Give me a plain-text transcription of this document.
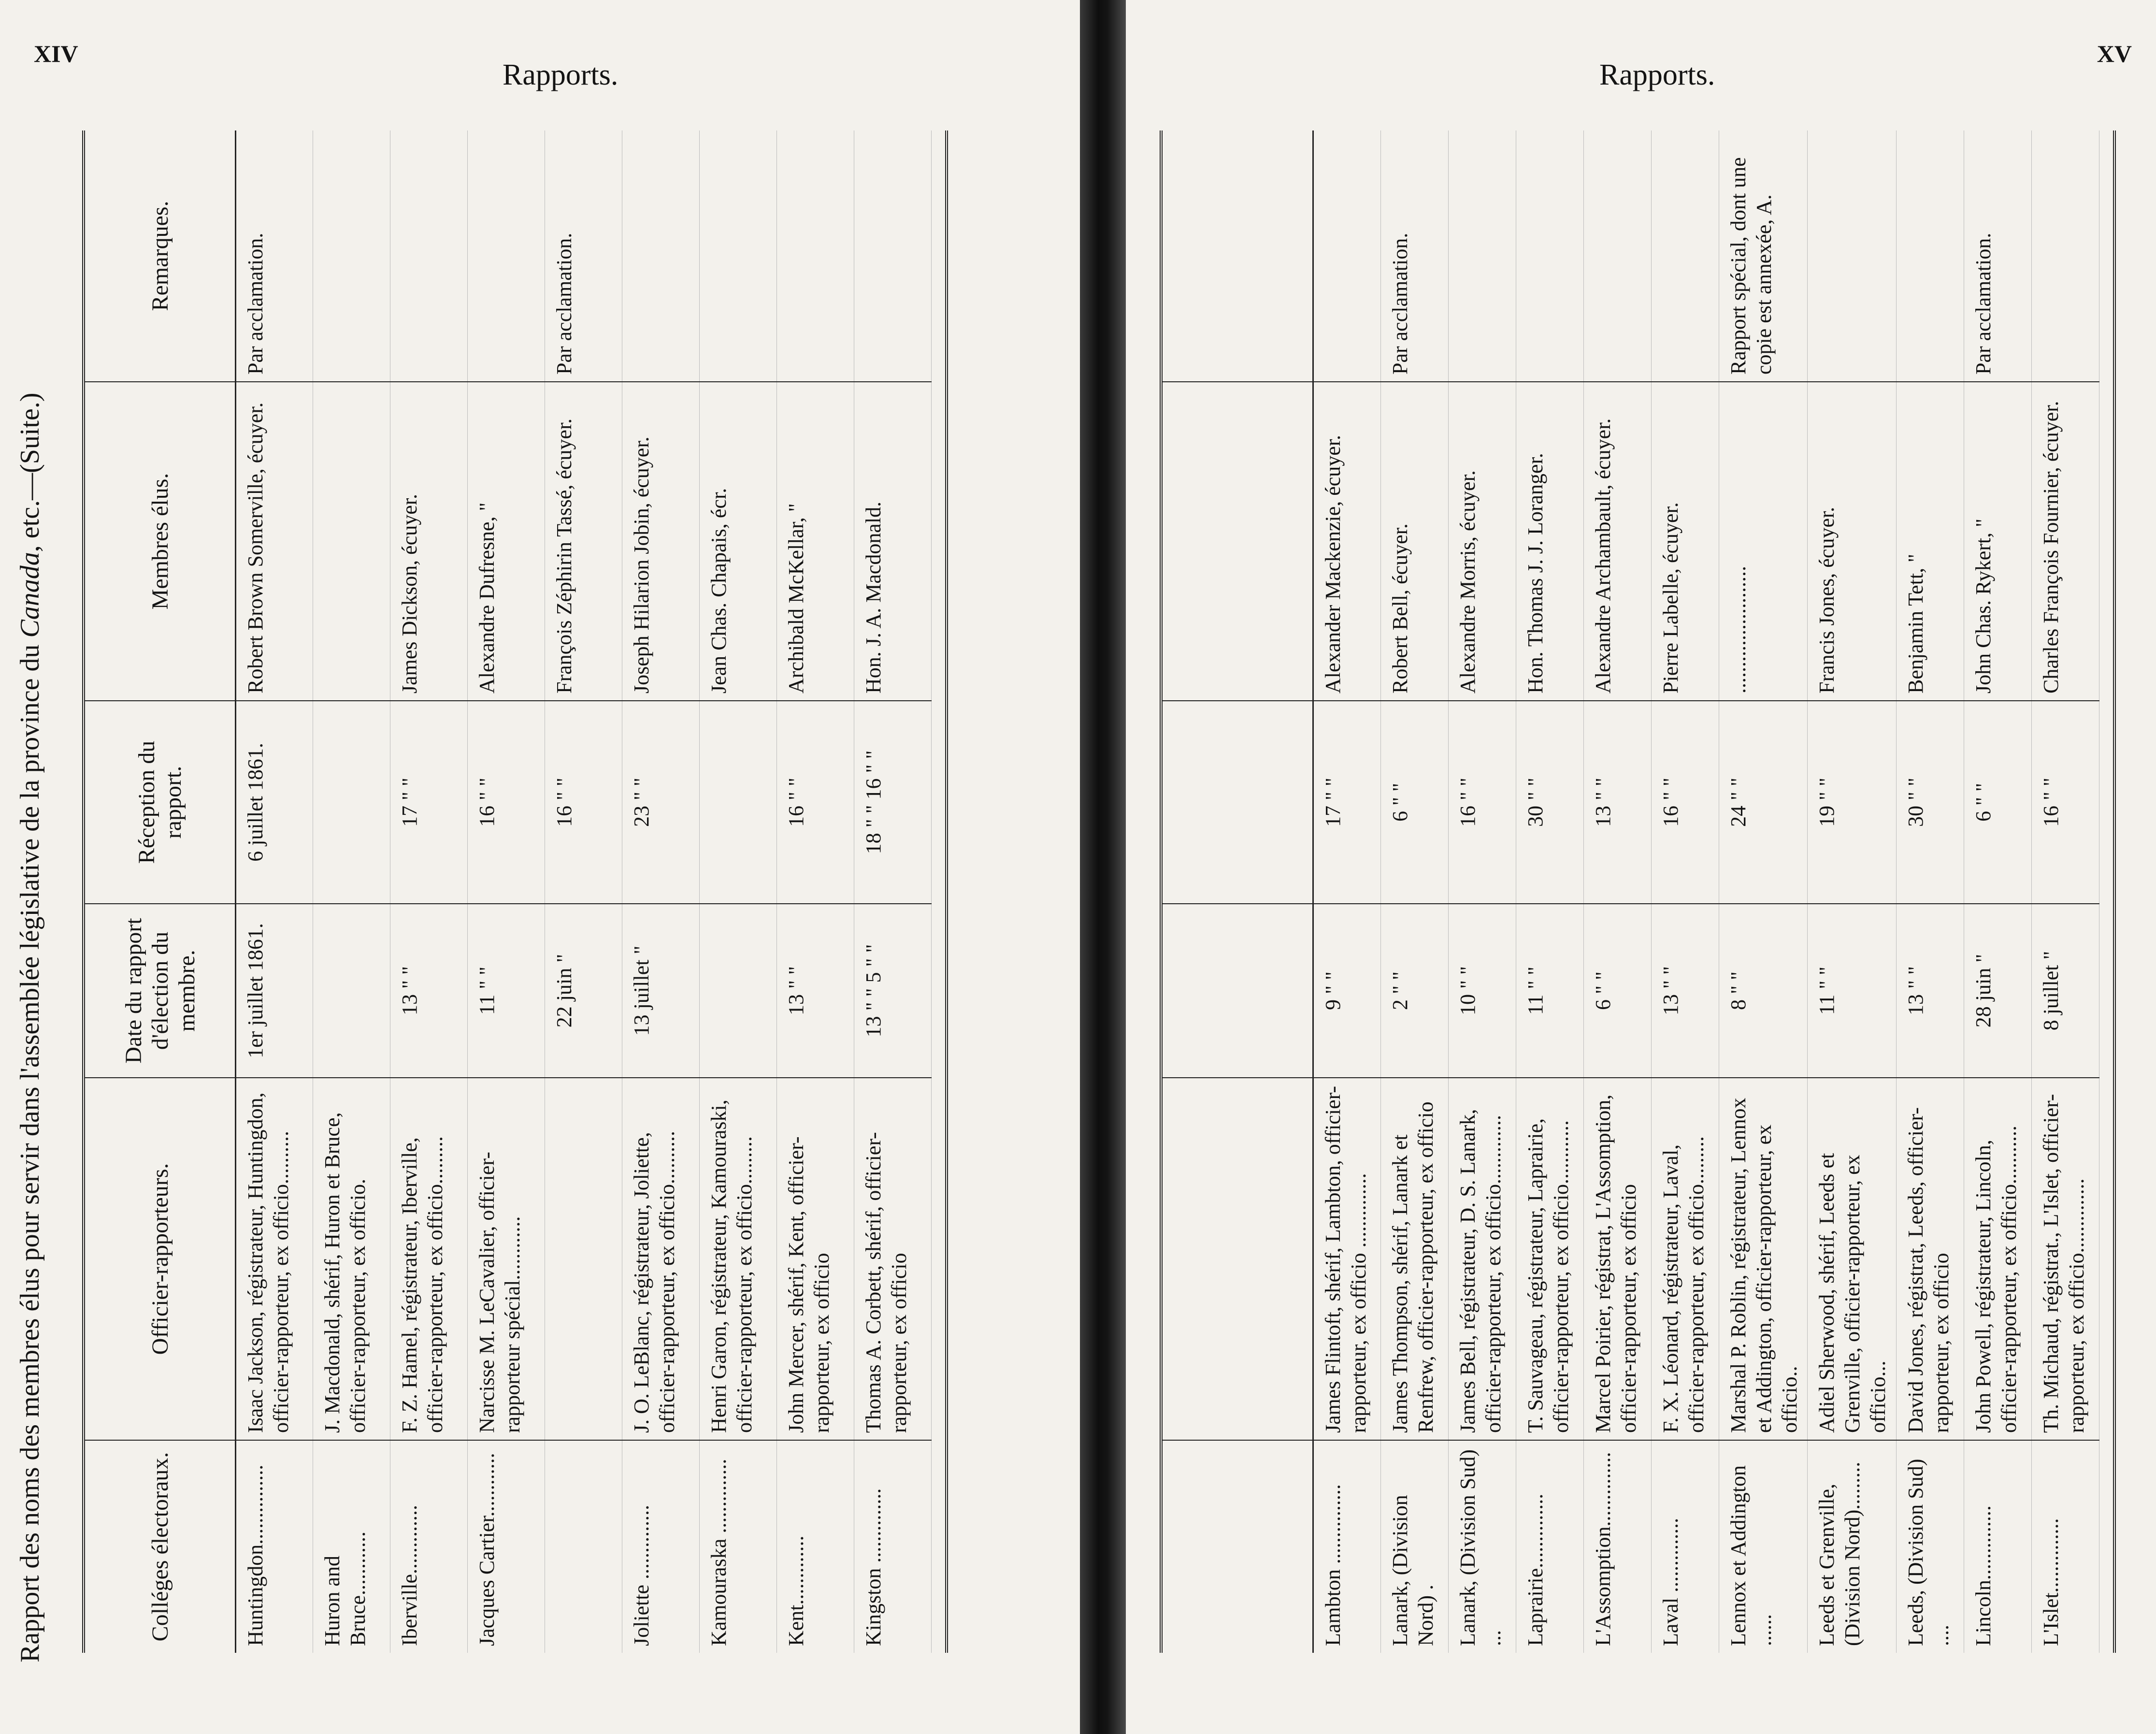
XIV
Rapports.
XV
Rapports.
Rapport des noms des membres élus pour servir dans l'assemblée législative de la province du Canada, etc.—(Suite.)
Colléges électoraux.	Officier-rapporteurs.	Date du rapport d'élection du membre.	Réception du rapport.	Membres élus.	Remarques.
Huntingdon...............	Isaac Jackson, régistrateur, Huntingdon, officier-rapporteur, ex officio..........	1er juillet 1861.	6 juillet 1861.	Robert Brown Somerville, écuyer.	Par acclamation.
Huron and Bruce............	J. Macdonald, shérif, Huron et Bruce, officier-rapporteur, ex officio.				
Iberville.............	F. Z. Hamel, régistrateur, Iberville, officier-rapporteur, ex officio.........	13 " "	17 " "	James Dickson, écuyer.	
Jacques Cartier............	Narcisse M. LeCavalier, officier-rapporteur spécial............	11 " "	16 " "	Alexandre Dufresne, "	
		22 juin "	16 " "	François Zéphirin Tassé, écuyer.	Par acclamation.
Joliette ..............	J. O. LeBlanc, régistrateur, Joliette, officier-rapporteur, ex officio..........	13 juillet "	23 " "	Joseph Hilarion Jobin, écuyer.	
Kamouraska ..............	Henri Garon, régistrateur, Kamouraski, officier-rapporteur, ex officio.........			Jean Chas. Chapais, écr.	
Kent.............	John Mercer, shérif, Kent, officier-rapporteur, ex officio	13 " "	16 " "	Archibald McKellar, "	
Kingston ..............	Thomas A. Corbett, shérif, officier-rapporteur, ex officio	13 " " 5 " "	18 " " 16 " "	Hon. J. A. Macdonald.	

Lambton ...............	James Flintoft, shérif, Lambton, officier-rapporteur, ex officio ..............	9 " "	17 " "	Alexander Mackenzie, écuyer.	
Lanark, (Division Nord) .	James Thompson, shérif, Lanark et Renfrew, officier-rapporteur, ex officio	2 " "	6 " "	Robert Bell, écuyer.	Par acclamation.
Lanark, (Division Sud) ...	James Bell, régistrateur, D. S. Lanark, officier-rapporteur, ex officio.............	10 " "	16 " "	Alexandre Morris, écuyer.	
Laprairie..............	T. Sauvageau, régistrateur, Laprairie, officier-rapporteur, ex officio............	11 " "	30 " "	Hon. Thomas J. J. Loranger.	
L'Assomption..............	Marcel Poirier, régistrat, L'Assomption, officier-rapporteur, ex officio	6 " "	13 " "	Alexandre Archambault, écuyer.	
Laval ..............	F. X. Léonard, régistrateur, Laval, officier-rapporteur, ex officio.........	13 " "	16 " "	Pierre Labelle, écuyer.	
Lennox et Addington ......	Marshal P. Roblin, régistrateur, Lennox et Addington, officier-rapporteur, ex officio..	8 " "	24 " "	........................	Rapport spécial, dont une copie est annexée, A.
Leeds et Grenville, (Division Nord).........	Adiel Sherwood, shérif, Leeds et Grenville, officier-rapporteur, ex officio...	11 " "	19 " "	Francis Jones, écuyer.	
Leeds, (Division Sud) ....	David Jones, régistrat, Leeds, officier-rapporteur, ex officio	13 " "	30 " "	Benjamin Tett, "	
Lincoln..............	John Powell, régistrateur, Lincoln, officier-rapporteur, ex officio...........	28 juin "	6 " "	John Chas. Rykert, "	Par acclamation.
L'Islet..............	Th. Michaud, régistrat., L'Islet, officier-rapporteur, ex officio..............	8 juillet "	16 " "	Charles François Fournier, écuyer.	
